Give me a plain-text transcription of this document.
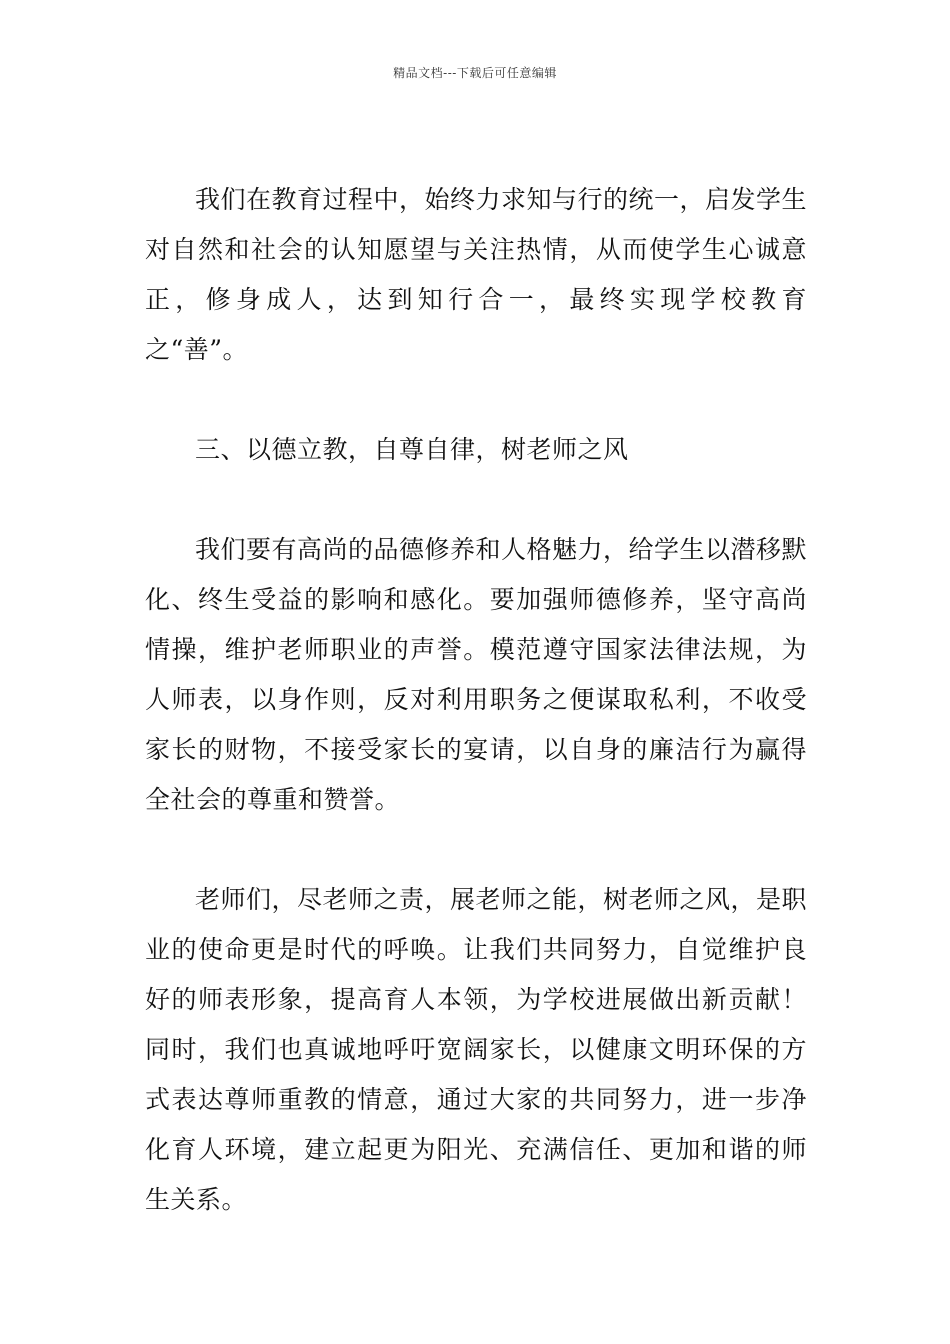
精品文档---下载后可任意编辑

我们在教育过程中，始终力求知与行的统一，启发学生对自然和社会的认知愿望与关注热情，从而使学生心诚意正，修身成人，达到知行合一，最终实现学校教育之“善”。

三、以德立教，自尊自律，树老师之风

我们要有高尚的品德修养和人格魅力，给学生以潜移默化、终生受益的影响和感化。要加强师德修养，坚守高尚情操，维护老师职业的声誉。模范遵守国家法律法规，为人师表，以身作则，反对利用职务之便谋取私利，不收受家长的财物，不接受家长的宴请，以自身的廉洁行为赢得全社会的尊重和赞誉。

老师们，尽老师之责，展老师之能，树老师之风，是职业的使命更是时代的呼唤。让我们共同努力，自觉维护良好的师表形象，提高育人本领，为学校进展做出新贡献！同时，我们也真诚地呼吁宽阔家长，以健康文明环保的方式表达尊师重教的情意，通过大家的共同努力，进一步净化育人环境，建立起更为阳光、充满信任、更加和谐的师生关系。
